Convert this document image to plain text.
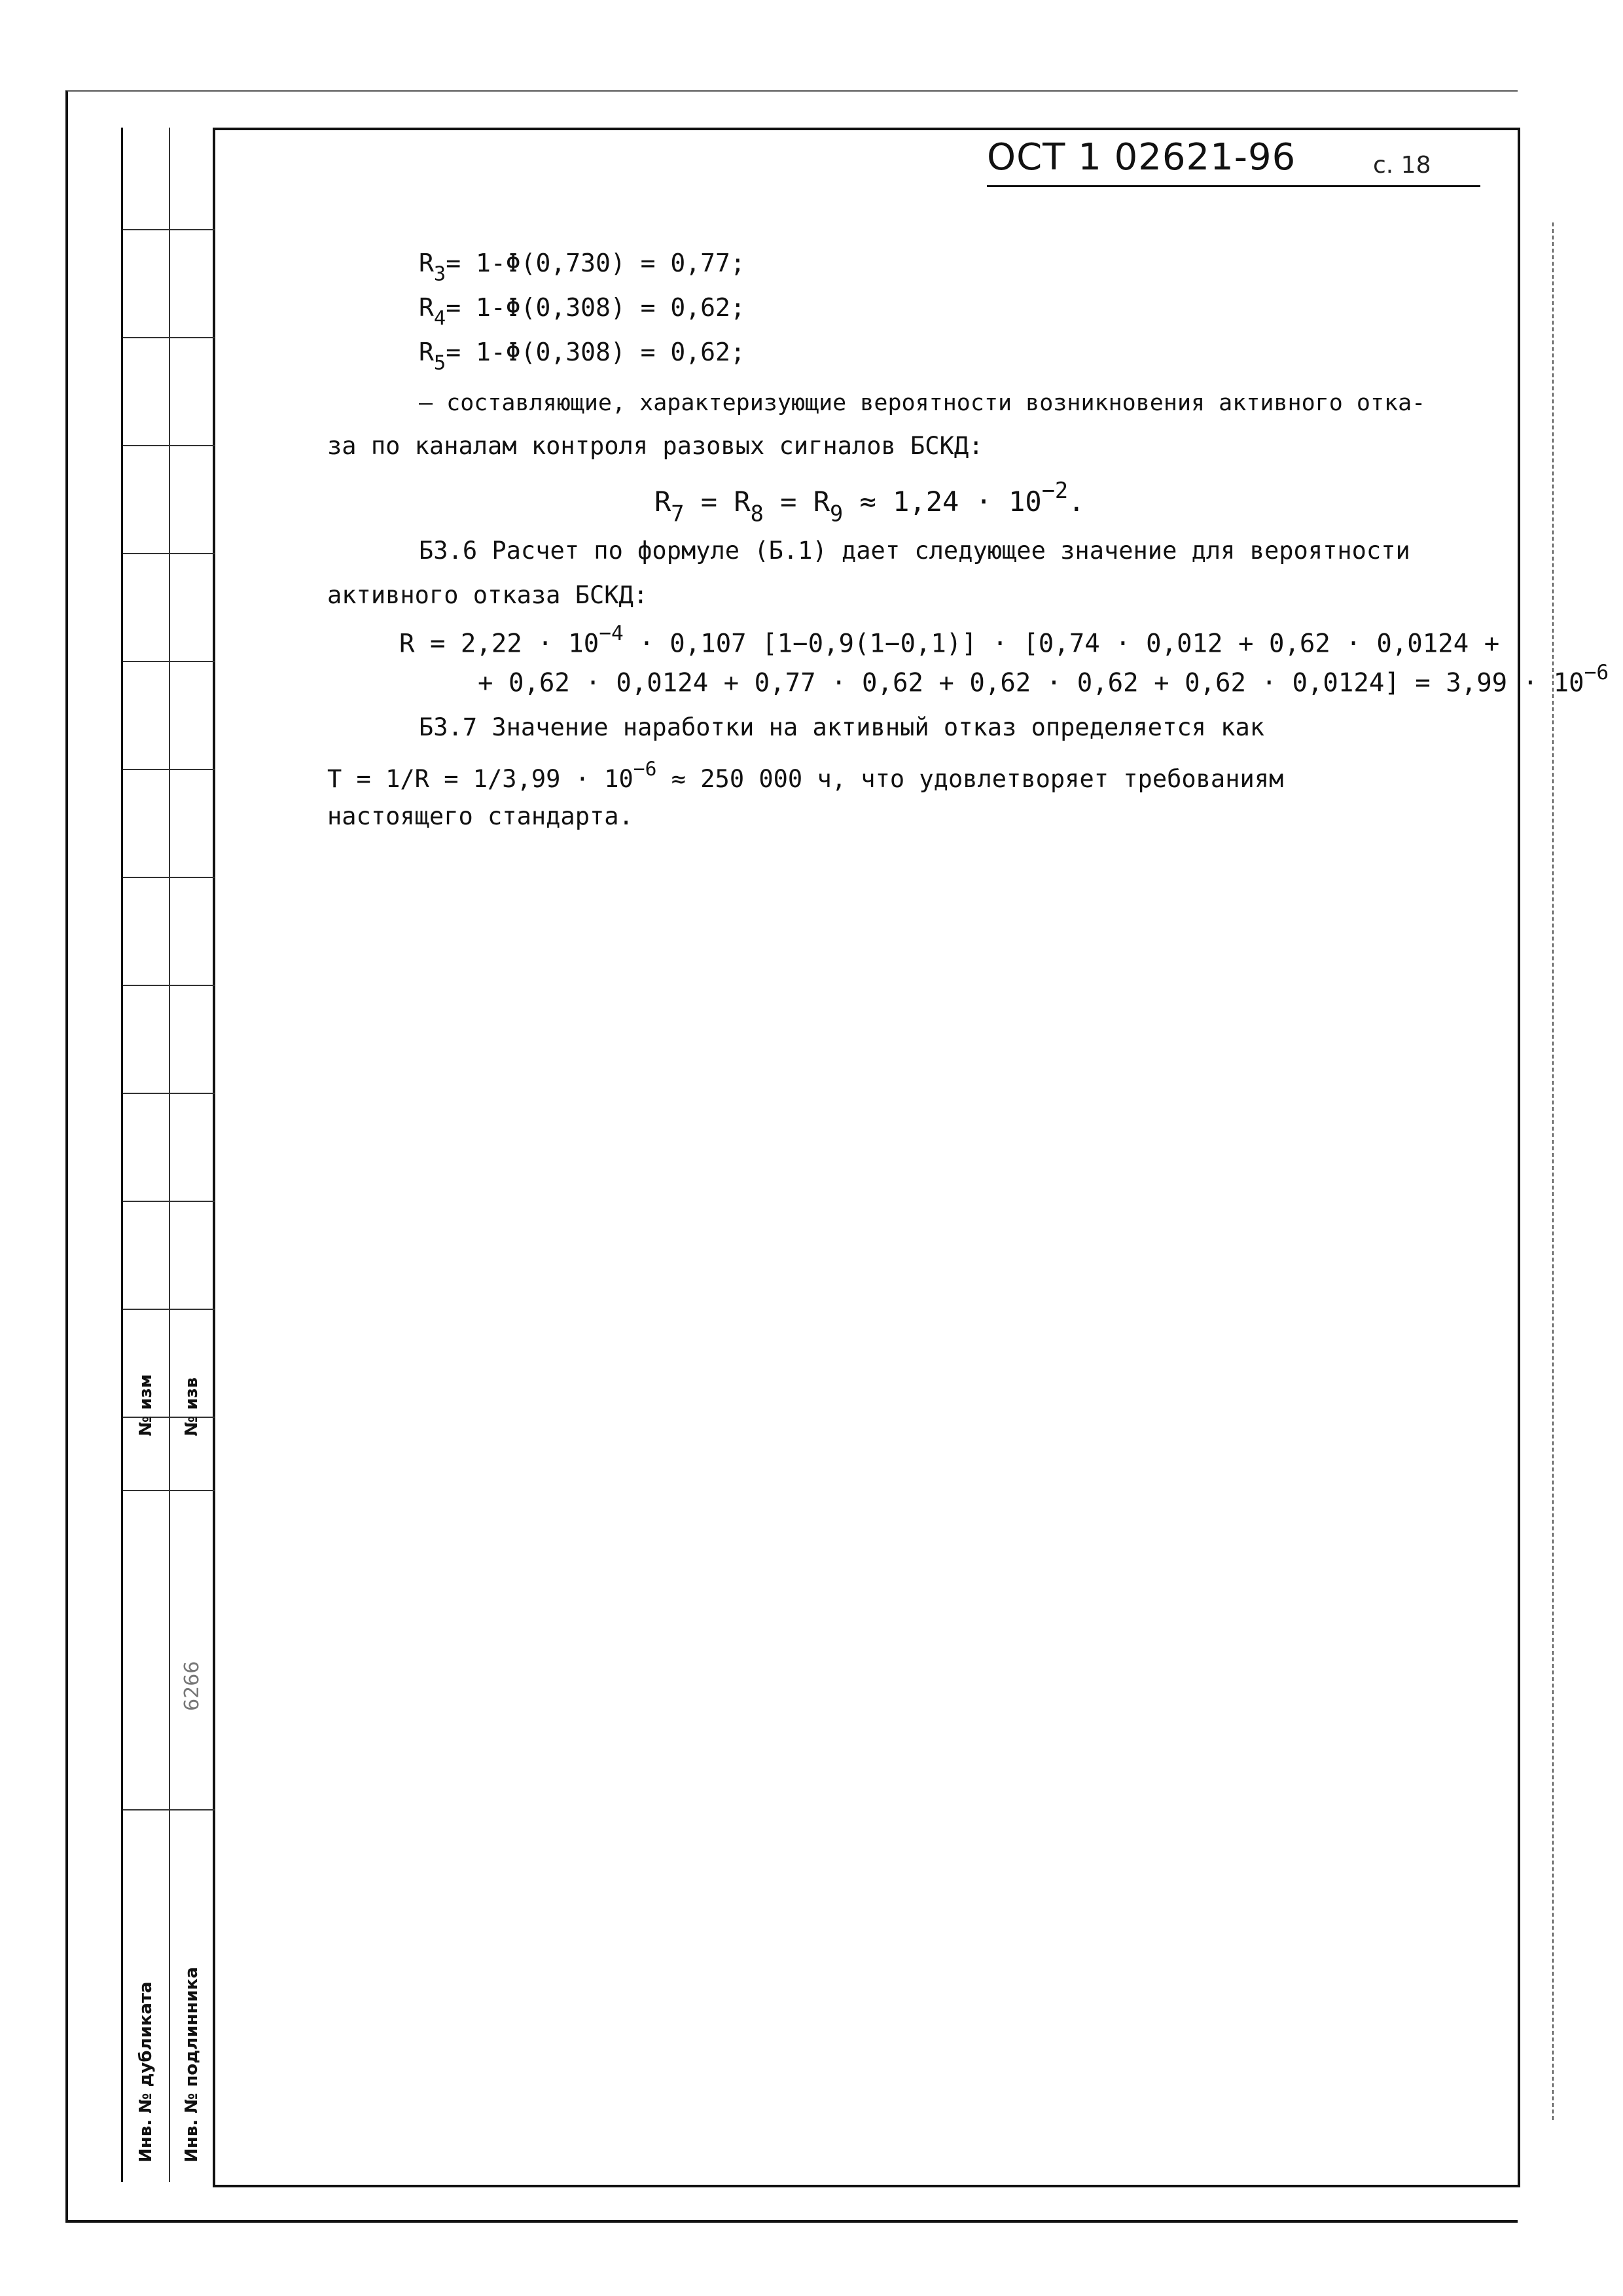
№ изм № изв
6266
Инв. № дубликата Инв. № подлинника
ОСТ 1 02621-96	с. 18
$R_3= 1-\Phi(0,730) = 0,77$;
$R_4= 1-\Phi(0,308) = 0,62$;
$R_5= 1-\Phi(0,308) = 0,62$;
– составляющие, характеризующие вероятности возникновения активного отка-
за по каналам контроля разовых сигналов БСКД:
$R_7 = R_8 = R_9 \approx 1,24 \cdot 10^{-2}$.
Б3.6 Расчет по формуле (Б.1) дает следующее значение для вероятности
активного отказа БСКД:
$R = 2,22 \cdot 10^{-4} \cdot 0,107$ [1−0,9(1−0,1)] · [0,74 · 0,012 + 0,62 · 0,0124 +
+ $0,62 \cdot 0,0124 + 0,77 \cdot 0,62 + 0,62 \cdot 0,62 + 0,62 \cdot 0,0124] = 3,99 \cdot 10^{-6}$
Б3.7 Значение наработки на активный отказ определяется как
$T = 1/R = 1/3,99 \cdot 10^{-6} \approx 250$ 000 ч, что удовлетворяет требованиям
настоящего стандарта.
